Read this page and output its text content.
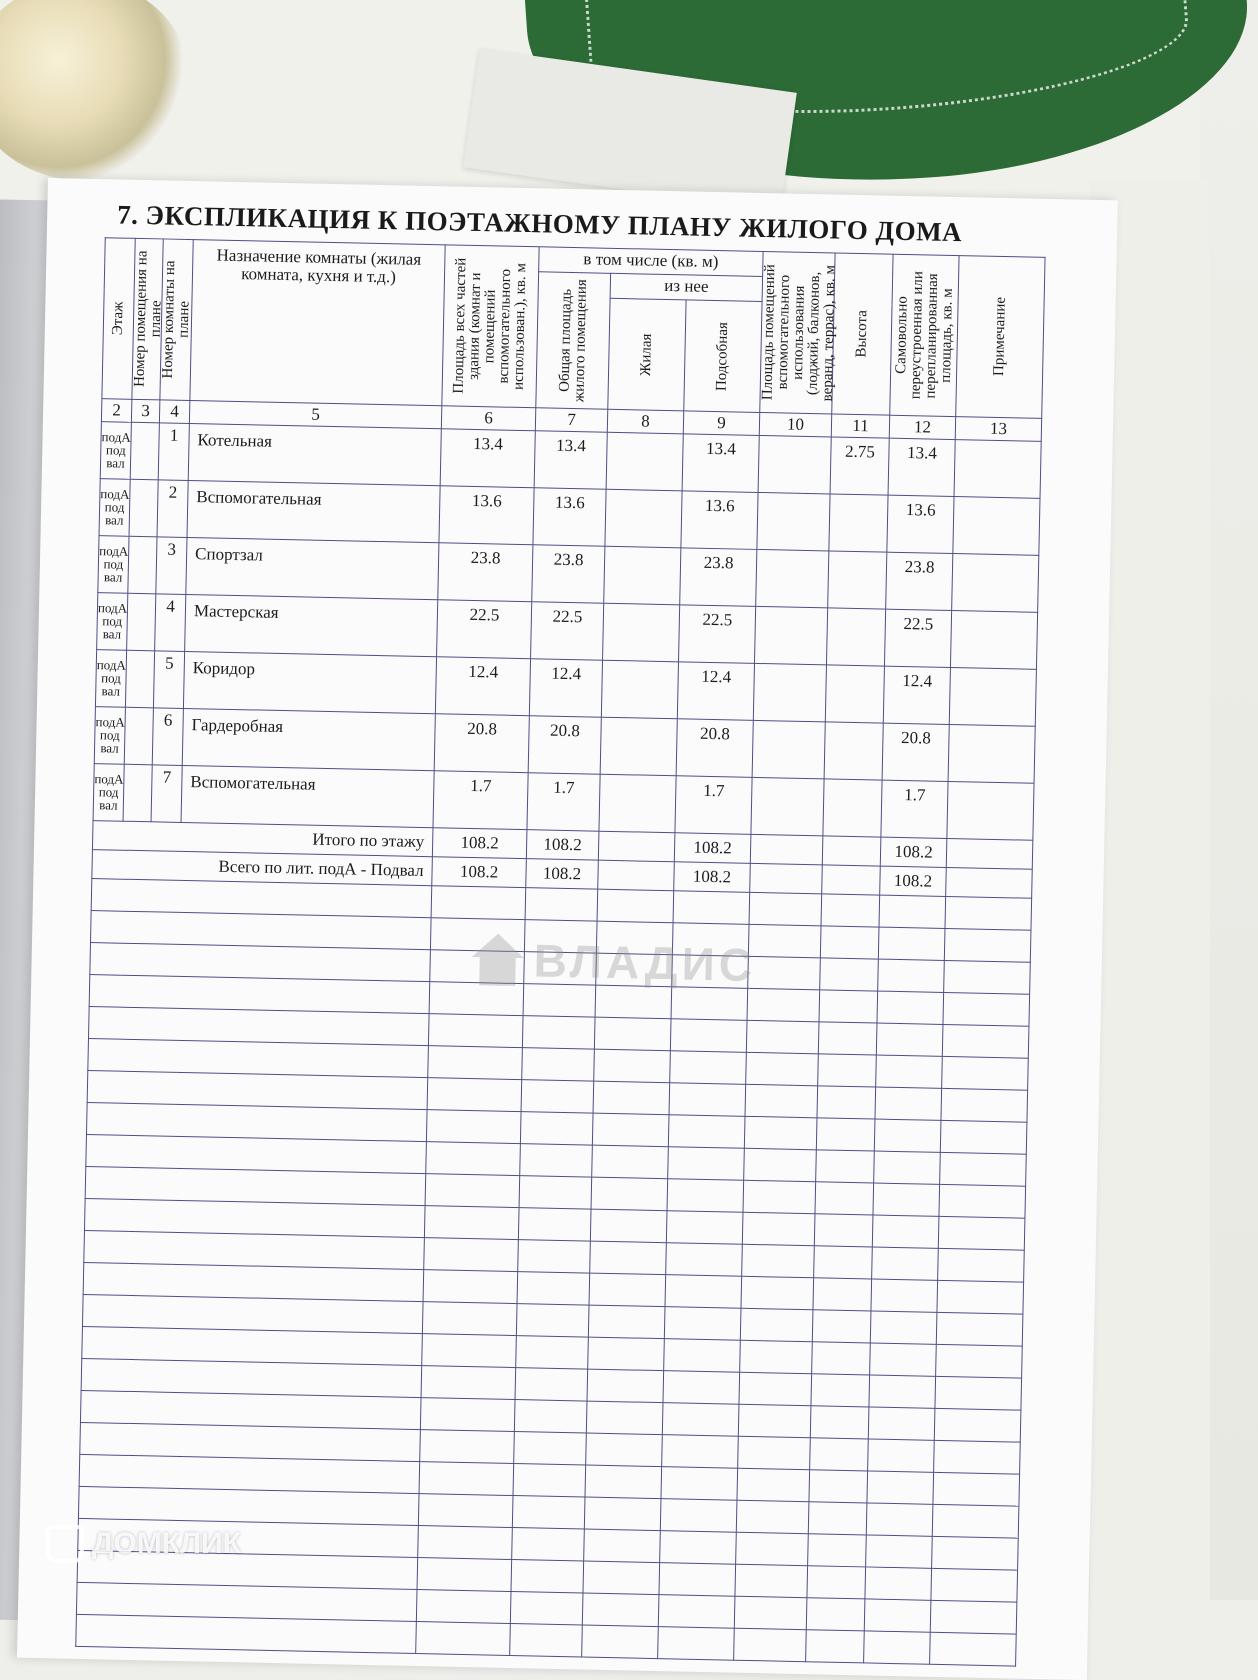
7. ЭКСПЛИКАЦИЯ К ПОЭТАЖНОМУ ПЛАНУ ЖИЛОГО ДОМА
Этаж	Номер помещения на плане	Номер комнаты на плане	Назначение комнаты (жилая комната, кухня и т.д.)	Площадь всех частей здания (комнат и помещений вспомогательного использован.), кв. м	в том числе (кв. м)			Площадь помещений вспомогательного использования (лоджий, балконов, веранд, террас), кв. м	Высота	Самовольно переустроенная или перепланированная площадь, кв. м	Примечание

					Общая площадь жилого помещения	из нее					

						Жилая	Подсобная				

2	3	4	5	6	7	8	9	10	11	12	13
подА под вал		1	Котельная	13.4	13.4		13.4		2.75	13.4	
подА под вал		2	Вспомогательная	13.6	13.6		13.6			13.6	
подА под вал		3	Спортзал	23.8	23.8		23.8			23.8	
подА под вал		4	Мастерская	22.5	22.5		22.5			22.5	
подА под вал		5	Коридор	12.4	12.4		12.4			12.4	
подА под вал		6	Гардеробная	20.8	20.8		20.8			20.8	
подА под вал		7	Вспомогательная	1.7	1.7		1.7			1.7	
Итого по этажу				108.2	108.2		108.2			108.2	
Всего по лит. подА - Подвал				108.2	108.2		108.2			108.2	

ВЛАДИС
ДОМКЛИК
